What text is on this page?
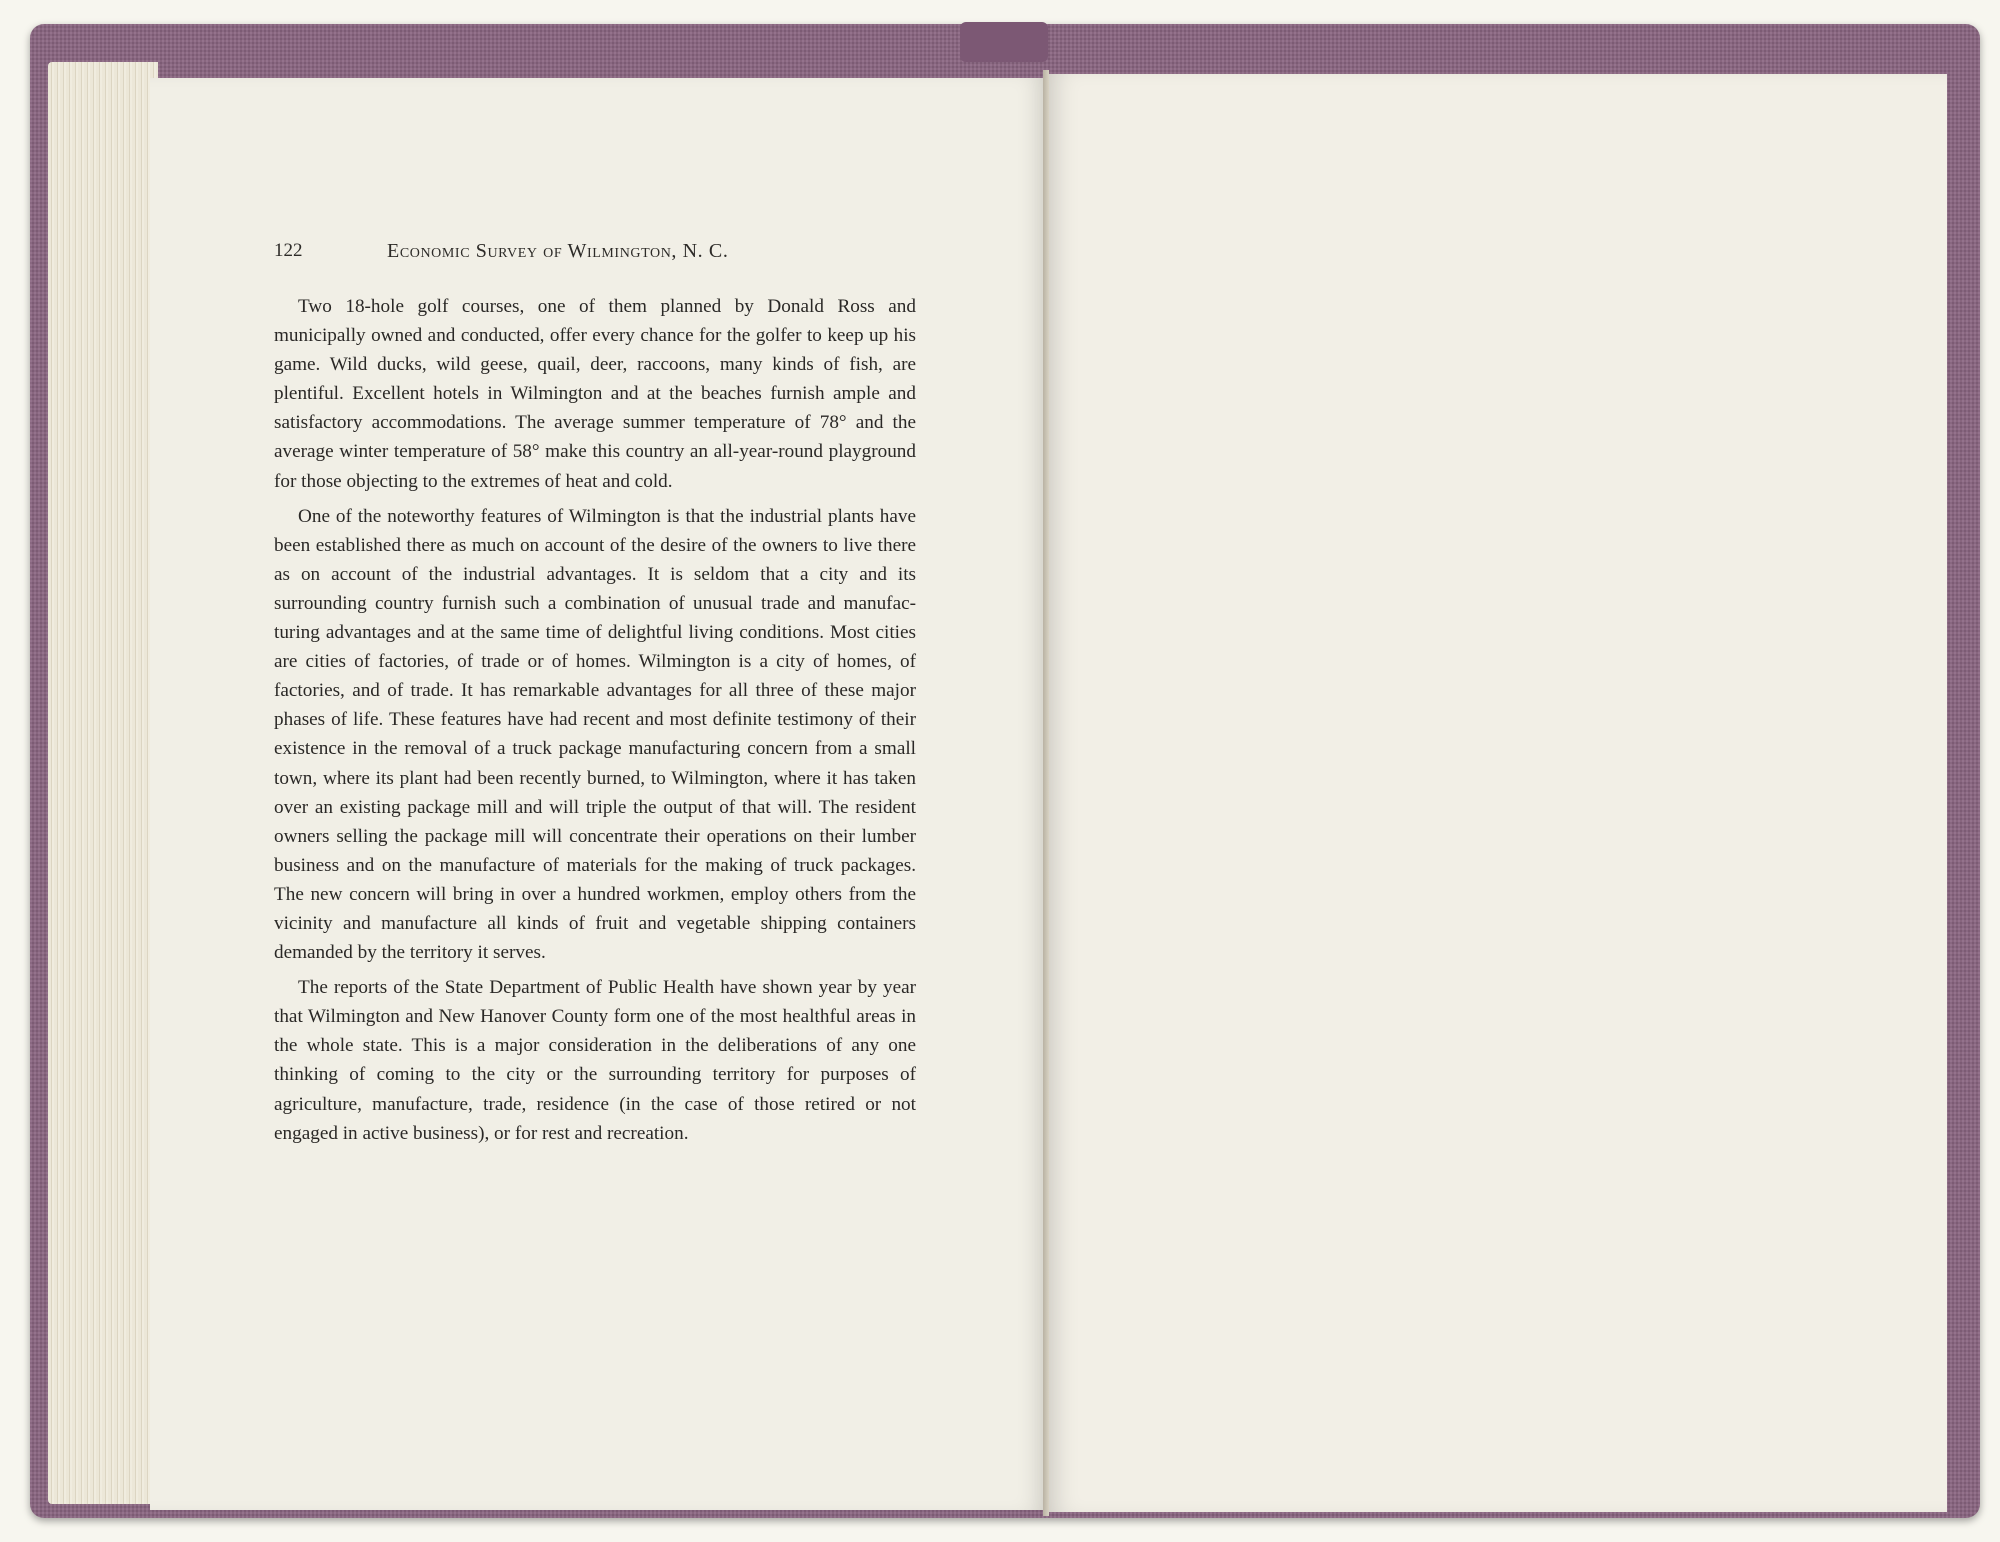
122	Economic Survey of Wilmington, N. C.

Two 18-hole golf courses, one of them planned by Donald Ross and municipally owned and conducted, offer every chance for the golfer to keep up his game. Wild ducks, wild geese, quail, deer, raccoons, many kinds of fish, are plentiful. Excellent hotels in Wilmington and at the beaches furnish ample and satisfactory accommodations. The average summer temperature of 78° and the average winter temperature of 58° make this country an all-year-round playground for those objecting to the extremes of heat and cold.

One of the noteworthy features of Wilmington is that the industrial plants have been established there as much on account of the desire of the owners to live there as on account of the industrial advantages. It is seldom that a city and its surrounding country furnish such a combination of unusual trade and manufacturing advantages and at the same time of delightful living conditions. Most cities are cities of factories, of trade or of homes. Wilmington is a city of homes, of factories, and of trade. It has remarkable advantages for all three of these major phases of life. These features have had recent and most definite testimony of their existence in the removal of a truck package manufacturing concern from a small town, where its plant had been recently burned, to Wilmington, where it has taken over an existing package mill and will triple the output of that will. The resident owners selling the package mill will concentrate their operations on their lumber business and on the manufacture of materials for the making of truck packages. The new concern will bring in over a hundred workmen, employ others from the vicinity and manufacture all kinds of fruit and vegetable shipping containers demanded by the territory it serves.

The reports of the State Department of Public Health have shown year by year that Wilmington and New Hanover County form one of the most healthful areas in the whole state. This is a major consideration in the deliberations of any one thinking of coming to the city or the surrounding territory for purposes of agriculture, manufacture, trade, residence (in the case of those retired or not engaged in active business), or for rest and recreation.
